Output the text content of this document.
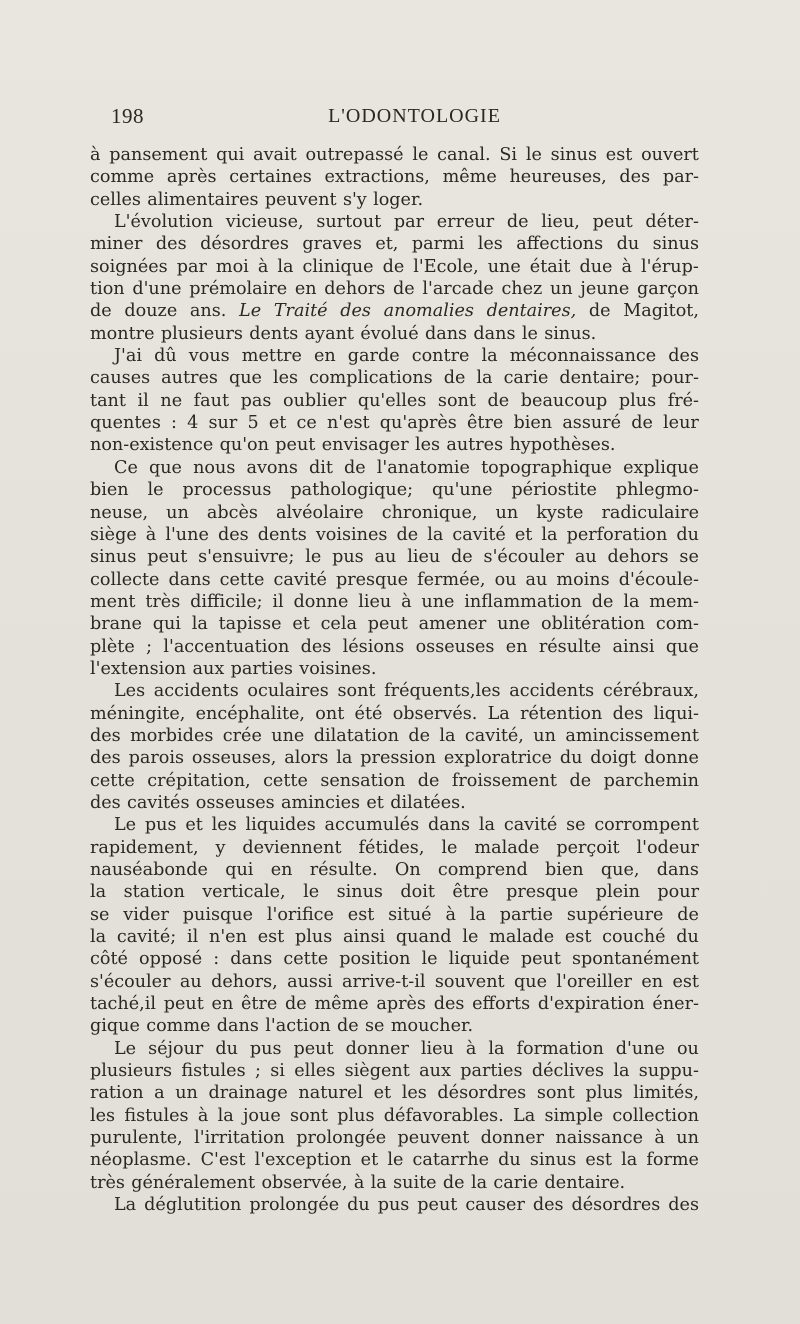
198	L'ODONTOLOGIE
à pansement qui avait outrepassé le canal. Si le sinus est ouvert
comme après certaines extractions, même heureuses, des par-
celles alimentaires peuvent s'y loger.
L'évolution vicieuse, surtout par erreur de lieu, peut déter-
miner des désordres graves et, parmi les affections du sinus
soignées par moi à la clinique de l'Ecole, une était due à l'érup-
tion d'une prémolaire en dehors de l'arcade chez un jeune garçon
de douze ans. Le Traité des anomalies dentaires, de Magitot,
montre plusieurs dents ayant évolué dans dans le sinus.
J'ai dû vous mettre en garde contre la méconnaissance des
causes autres que les complications de la carie dentaire; pour-
tant il ne faut pas oublier qu'elles sont de beaucoup plus fré-
quentes : 4 sur 5 et ce n'est qu'après être bien assuré de leur
non-existence qu'on peut envisager les autres hypothèses.
Ce que nous avons dit de l'anatomie topographique explique
bien le processus pathologique; qu'une périostite phlegmo-
neuse, un abcès alvéolaire chronique, un kyste radiculaire
siège à l'une des dents voisines de la cavité et la perforation du
sinus peut s'ensuivre; le pus au lieu de s'écouler au dehors se
collecte dans cette cavité presque fermée, ou au moins d'écoule-
ment très difficile; il donne lieu à une inflammation de la mem-
brane qui la tapisse et cela peut amener une oblitération com-
plète ; l'accentuation des lésions osseuses en résulte ainsi que
l'extension aux parties voisines.
Les accidents oculaires sont fréquents,les accidents cérébraux,
méningite, encéphalite, ont été observés. La rétention des liqui-
des morbides crée une dilatation de la cavité, un amincissement
des parois osseuses, alors la pression exploratrice du doigt donne
cette crépitation, cette sensation de froissement de parchemin
des cavités osseuses amincies et dilatées.
Le pus et les liquides accumulés dans la cavité se corrompent
rapidement, y deviennent fétides, le malade perçoit l'odeur
nauséabonde qui en résulte. On comprend bien que, dans
la station verticale, le sinus doit être presque plein pour
se vider puisque l'orifice est situé à la partie supérieure de
la cavité; il n'en est plus ainsi quand le malade est couché du
côté opposé : dans cette position le liquide peut spontanément
s'écouler au dehors, aussi arrive-t-il souvent que l'oreiller en est
taché,il peut en être de même après des efforts d'expiration éner-
gique comme dans l'action de se moucher.
Le séjour du pus peut donner lieu à la formation d'une ou
plusieurs fistules ; si elles siègent aux parties déclives la suppu-
ration a un drainage naturel et les désordres sont plus limités,
les fistules à la joue sont plus défavorables. La simple collection
purulente, l'irritation prolongée peuvent donner naissance à un
néoplasme. C'est l'exception et le catarrhe du sinus est la forme
très généralement observée, à la suite de la carie dentaire.
La déglutition prolongée du pus peut causer des désordres des
